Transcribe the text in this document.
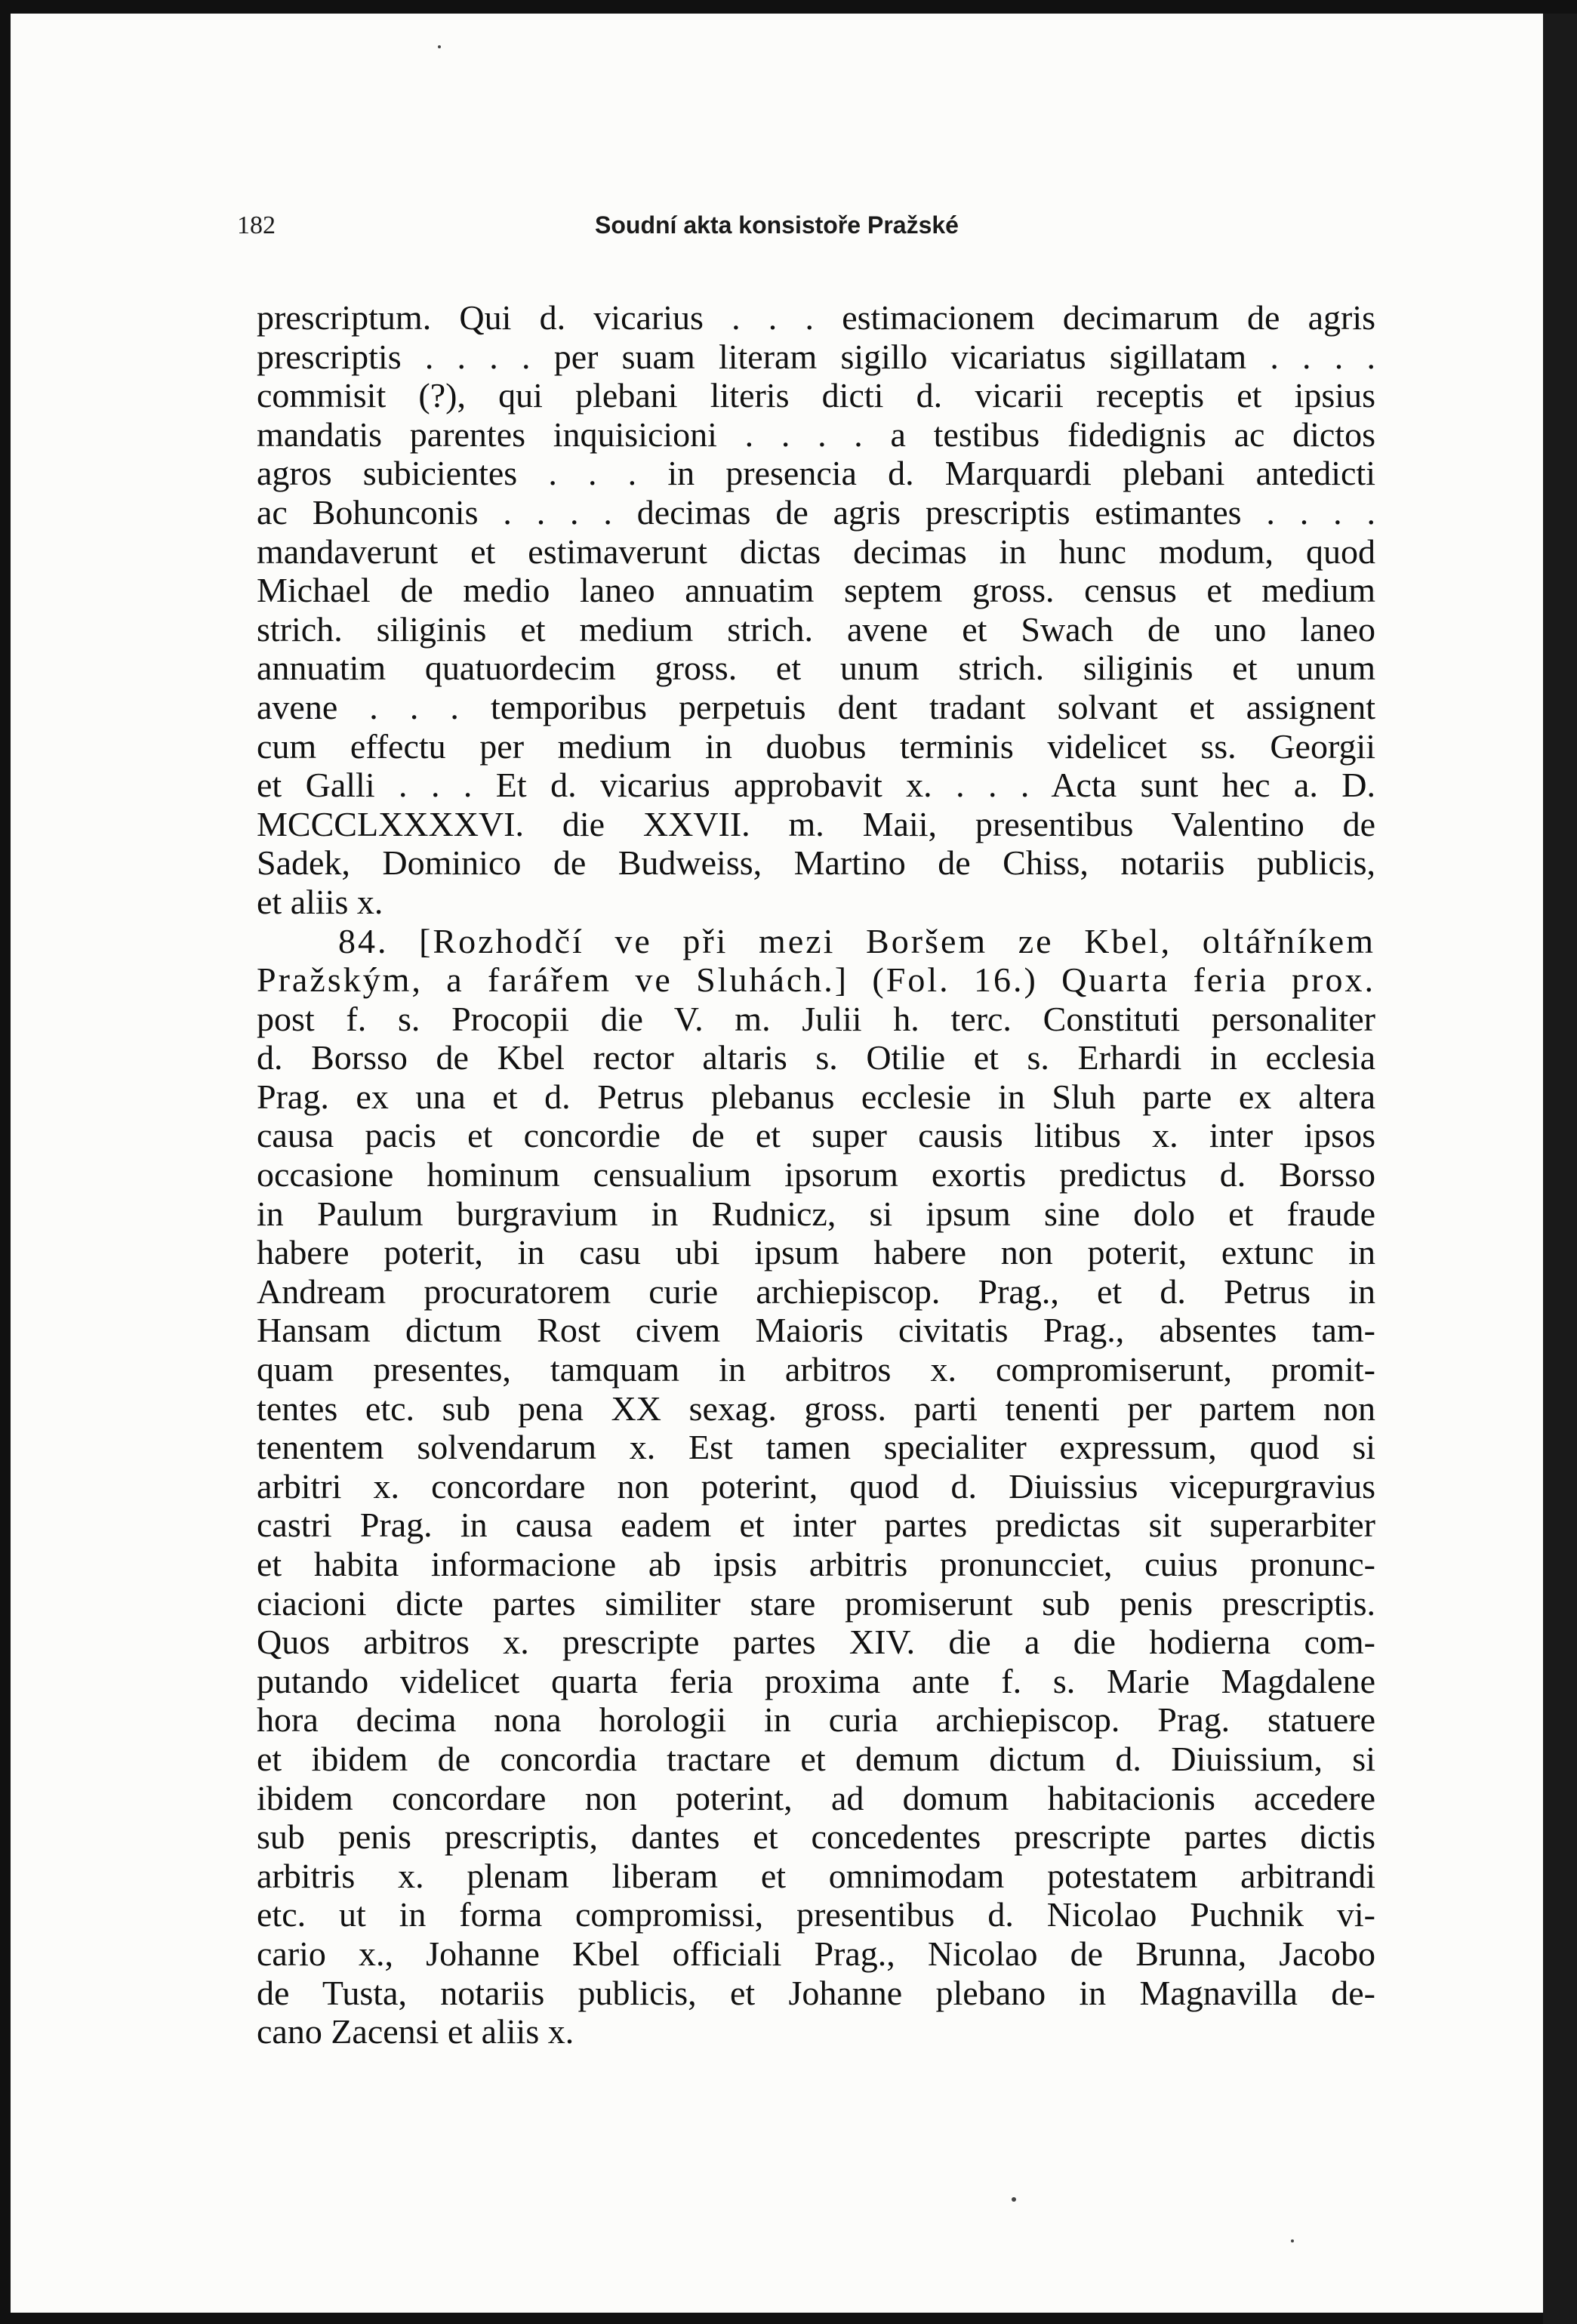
182	Soudní akta konsistoře Pražské
prescriptum. Qui d. vicarius . . . estimacionem decimarum de agris
prescriptis . . . . per suam literam sigillo vicariatus sigillatam . . . .
commisit (?), qui plebani literis dicti d. vicarii receptis et ipsius
mandatis parentes inquisicioni . . . . a testibus fidedignis ac dictos
agros subicientes . . . in presencia d. Marquardi plebani antedicti
ac Bohunconis . . . . decimas de agris prescriptis estimantes . . . .
mandaverunt et estimaverunt dictas decimas in hunc modum, quod
Michael de medio laneo annuatim septem gross. census et medium
strich. siliginis et medium strich. avene et Swach de uno laneo
annuatim quatuordecim gross. et unum strich. siliginis et unum
avene . . . temporibus perpetuis dent tradant solvant et assignent
cum effectu per medium in duobus terminis videlicet ss. Georgii
et Galli . . . Et d. vicarius approbavit x. . . . Acta sunt hec a. D.
MCCCLXXXXVI. die XXVII. m. Maii, presentibus Valentino de
Sadek, Dominico de Budweiss, Martino de Chiss, notariis publicis,
et aliis x.
84. [Rozhodčí ve při mezi Boršem ze Kbel, oltářníkem
Pražským, a farářem ve Sluhách.] (Fol. 16.) Quarta feria prox.
post f. s. Procopii die V. m. Julii h. terc. Constituti personaliter
d. Borsso de Kbel rector altaris s. Otilie et s. Erhardi in ecclesia
Prag. ex una et d. Petrus plebanus ecclesie in Sluh parte ex altera
causa pacis et concordie de et super causis litibus x. inter ipsos
occasione hominum censualium ipsorum exortis predictus d. Borsso
in Paulum burgravium in Rudnicz, si ipsum sine dolo et fraude
habere poterit, in casu ubi ipsum habere non poterit, extunc in
Andream procuratorem curie archiepiscop. Prag., et d. Petrus in
Hansam dictum Rost civem Maioris civitatis Prag., absentes tam-
quam presentes, tamquam in arbitros x. compromiserunt, promit-
tentes etc. sub pena XX sexag. gross. parti tenenti per partem non
tenentem solvendarum x. Est tamen specialiter expressum, quod si
arbitri x. concordare non poterint, quod d. Diuissius vicepurgravius
castri Prag. in causa eadem et inter partes predictas sit superarbiter
et habita informacione ab ipsis arbitris pronuncciet, cuius pronunc-
ciacioni dicte partes similiter stare promiserunt sub penis prescriptis.
Quos arbitros x. prescripte partes XIV. die a die hodierna com-
putando videlicet quarta feria proxima ante f. s. Marie Magdalene
hora decima nona horologii in curia archiepiscop. Prag. statuere
et ibidem de concordia tractare et demum dictum d. Diuissium, si
ibidem concordare non poterint, ad domum habitacionis accedere
sub penis prescriptis, dantes et concedentes prescripte partes dictis
arbitris x. plenam liberam et omnimodam potestatem arbitrandi
etc. ut in forma compromissi, presentibus d. Nicolao Puchnik vi-
cario x., Johanne Kbel officiali Prag., Nicolao de Brunna, Jacobo
de Tusta, notariis publicis, et Johanne plebano in Magnavilla de-
cano Zacensi et aliis x.
